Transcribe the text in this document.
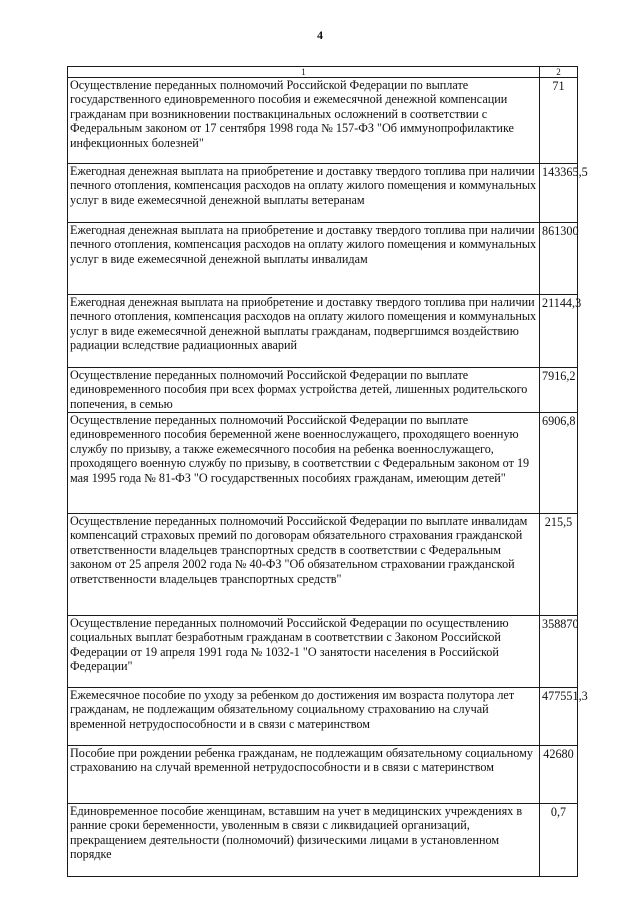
4
1	2
Осуществление переданных полномочий Российской Федерации по выплате государственного единовременного пособия и ежемесячной денежной компенсации гражданам при возникновении поствакцинальных осложнений в соответствии с Федеральным законом от 17 сентября 1998 года № 157-ФЗ "Об иммунопрофилактике инфекционных болезней"	71
Ежегодная денежная выплата на приобретение и доставку твердого топлива при наличии печного отопления, компенсация расходов на оплату жилого помещения и коммунальных услуг в виде ежемесячной денежной выплаты ветеранам	143365,5
Ежегодная денежная выплата на приобретение и доставку твердого топлива при наличии печного отопления, компенсация расходов на оплату жилого помещения и коммунальных услуг в виде ежемесячной денежной выплаты инвалидам	861300
Ежегодная денежная выплата на приобретение и доставку твердого топлива при наличии печного отопления, компенсация расходов на оплату жилого помещения и коммунальных услуг в виде ежемесячной денежной выплаты гражданам, подвергшимся воздействию радиации вследствие радиационных аварий	21144,3
Осуществление переданных полномочий Российской Федерации по выплате единовременного пособия при всех формах устройства детей, лишенных родительского попечения, в семью	7916,2
Осуществление переданных полномочий Российской Федерации по выплате единовременного пособия беременной жене военнослужащего, проходящего военную службу по призыву, а также ежемесячного пособия на ребенка военнослужащего, проходящего военную службу по призыву, в соответствии с Федеральным законом от 19 мая 1995 года № 81-ФЗ "О государственных пособиях гражданам, имеющим детей"	6906,8
Осуществление переданных полномочий Российской Федерации по выплате инвалидам компенсаций страховых премий по договорам обязательного страхования гражданской ответственности владельцев транспортных средств в соответствии с Федеральным законом от 25 апреля 2002 года № 40-ФЗ "Об обязательном страховании гражданской ответственности владельцев транспортных средств"	215,5
Осуществление переданных полномочий Российской Федерации по осуществлению социальных выплат безработным гражданам в соответствии с Законом Российской Федерации от 19 апреля 1991 года № 1032-1 "О занятости населения в Российской Федерации"	358870
Ежемесячное пособие по уходу за ребенком до достижения им возраста полутора лет гражданам, не подлежащим обязательному социальному страхованию на случай временной нетрудоспособности и в связи с материнством	477551,3
Пособие при рождении ребенка гражданам, не подлежащим обязательному социальному страхованию на случай временной нетрудоспособности и в связи с материнством	42680
Единовременное пособие женщинам, вставшим на учет в медицинских учреждениях в ранние сроки беременности, уволенным в связи с ликвидацией организаций, прекращением деятельности (полномочий) физическими лицами в установленном порядке	0,7
